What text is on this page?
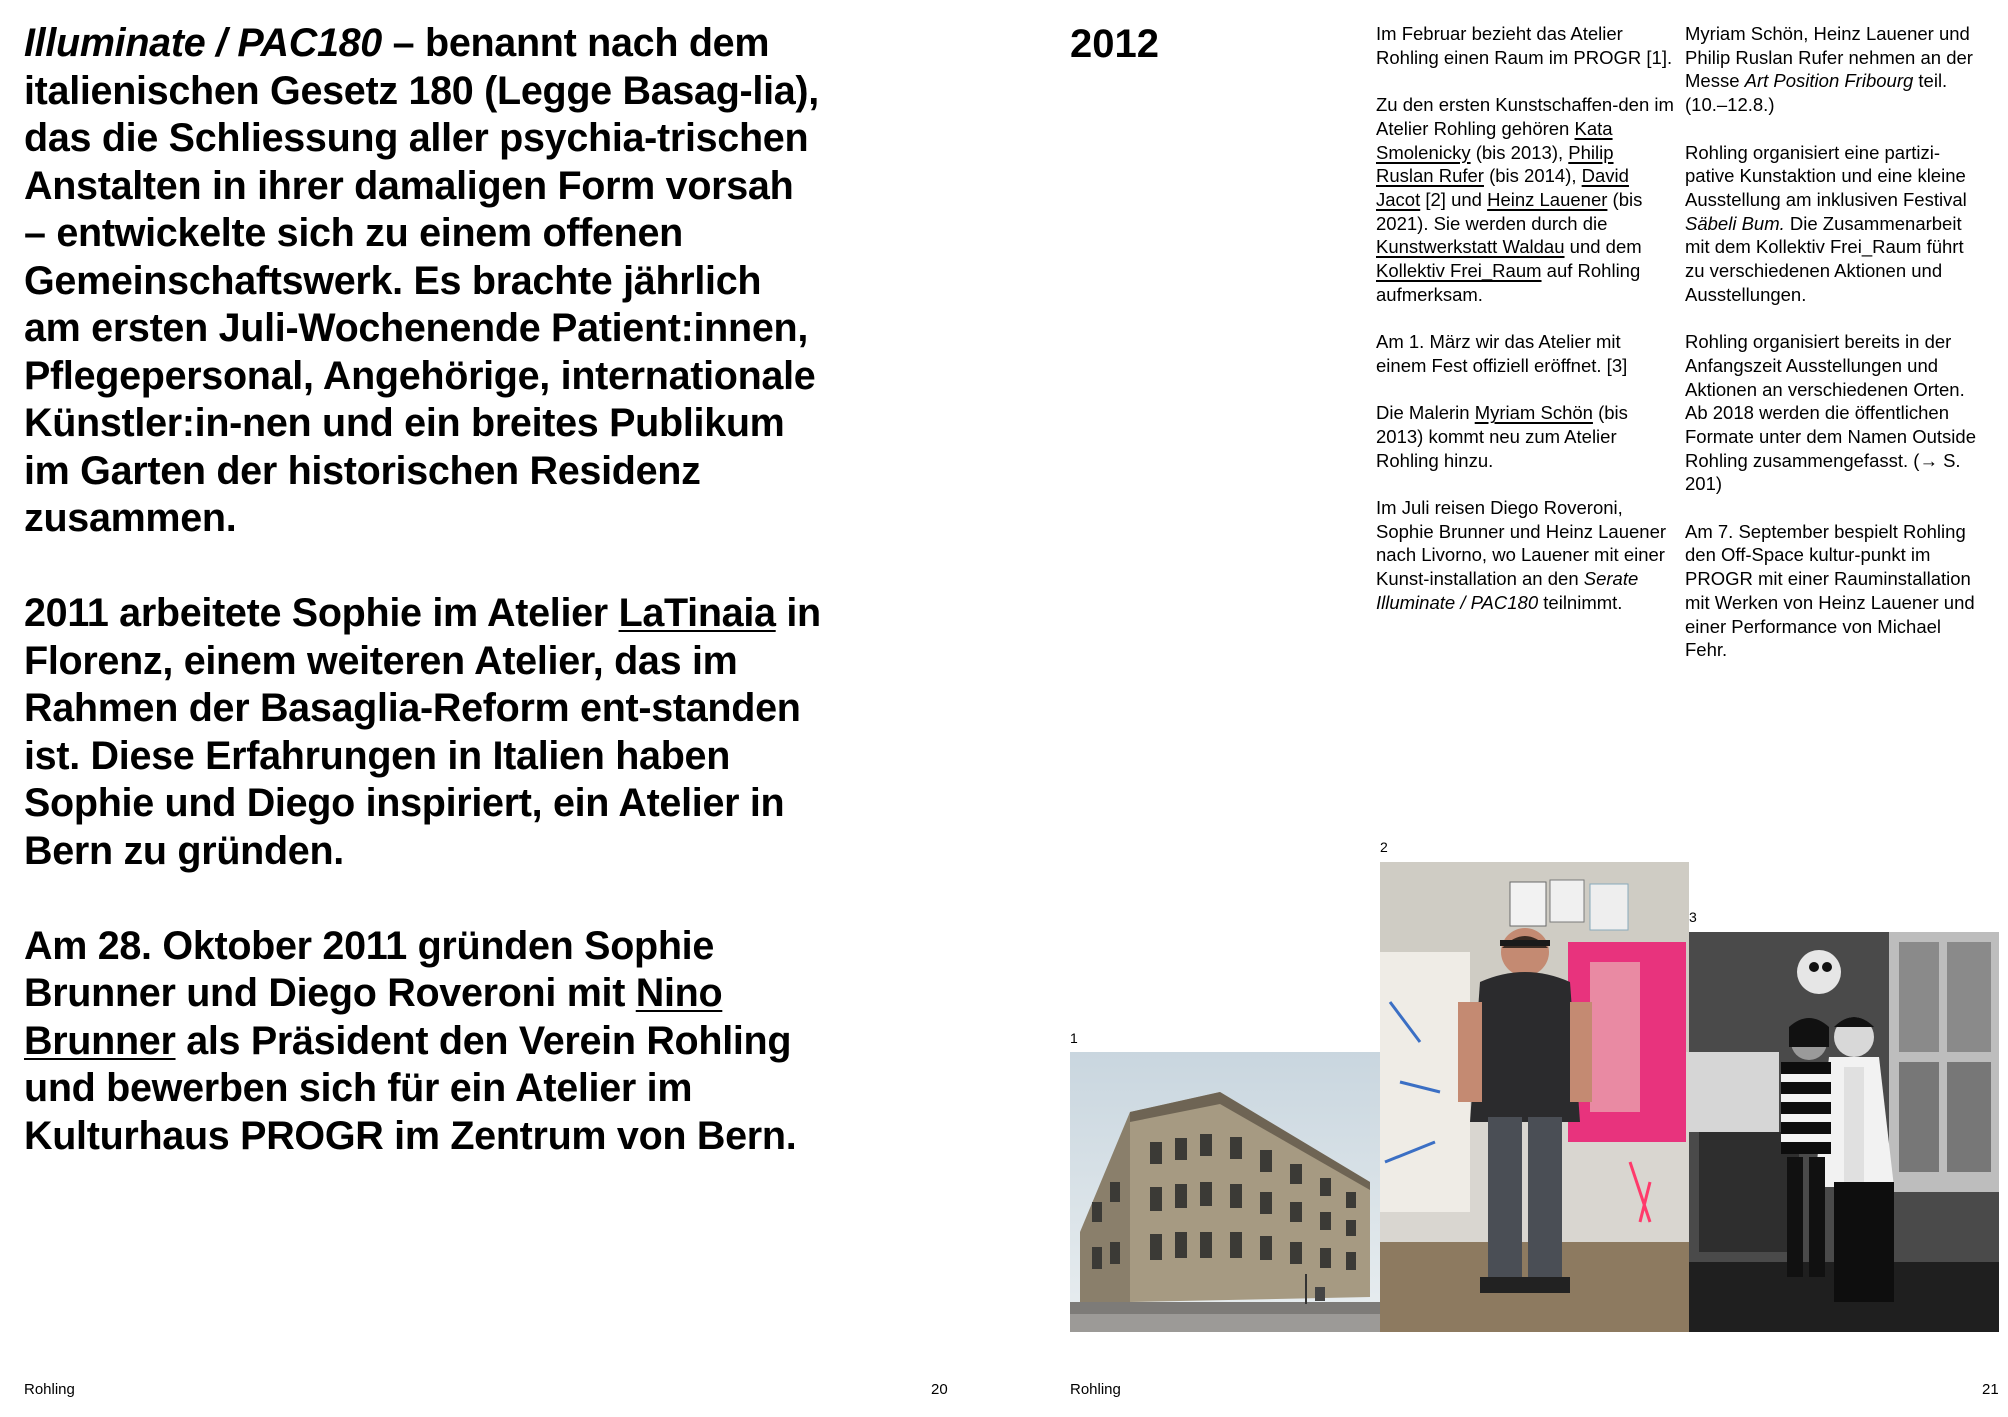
Illuminate / PAC180 – benannt nach dem italienischen Gesetz 180 (Legge Basag-lia), das die Schliessung aller psychia-trischen Anstalten in ihrer damaligen Form vorsah – entwickelte sich zu einem offenen Gemeinschaftswerk. Es brachte jährlich am ersten Juli-Wochenende Patient:innen, Pflegepersonal, Angehörige, internationale Künstler:in-nen und ein breites Publikum im Garten der historischen Residenz zusammen.

2011 arbeitete Sophie im Atelier LaTinaia in Florenz, einem weiteren Atelier, das im Rahmen der Basaglia-Reform ent-standen ist. Diese Erfahrungen in Italien haben Sophie und Diego inspiriert, ein Atelier in Bern zu gründen.

Am 28. Oktober 2011 gründen Sophie Brunner und Diego Roveroni mit Nino Brunner als Präsident den Verein Rohling und bewerben sich für ein Atelier im Kulturhaus PROGR im Zentrum von Bern.

Rohling	20
2012	Im Februar bezieht das Atelier Rohling einen Raum im PROGR [1].

Zu den ersten Kunstschaffen-den im Atelier Rohling gehören Kata Smolenicky (bis 2013), Philip Ruslan Rufer (bis 2014), David Jacot [2] und Heinz Lauener (bis 2021). Sie werden durch die Kunstwerkstatt Waldau und dem Kollektiv Frei_Raum auf Rohling aufmerksam.

Am 1. März wir das Atelier mit einem Fest offiziell eröffnet. [3]

Die Malerin Myriam Schön (bis 2013) kommt neu zum Atelier Rohling hinzu.

Im Juli reisen Diego Roveroni, Sophie Brunner und Heinz Lauener nach Livorno, wo Lauener mit einer Kunst-installation an den Serate Illuminate / PAC180 teilnimmt.

Myriam Schön, Heinz Lauener und Philip Ruslan Rufer nehmen an der Messe Art Position Fribourg teil. (10.–12.8.)

Rohling organisiert eine partizi-pative Kunstaktion und eine kleine Ausstellung am inklusiven Festival Säbeli Bum. Die Zusammenarbeit mit dem Kollektiv Frei_Raum führt zu verschiedenen Aktionen und Ausstellungen.

Rohling organisiert bereits in der Anfangszeit Ausstellungen und Aktionen an verschiedenen Orten. Ab 2018 werden die öffentlichen Formate unter dem Namen Outside Rohling zusammengefasst. (→ S. 201)

Am 7. September bespielt Rohling den Off-Space kultur-punkt im PROGR mit einer Rauminstallation mit Werken von Heinz Lauener und einer Performance von Michael Fehr.

1
2
3
Rohling	21
